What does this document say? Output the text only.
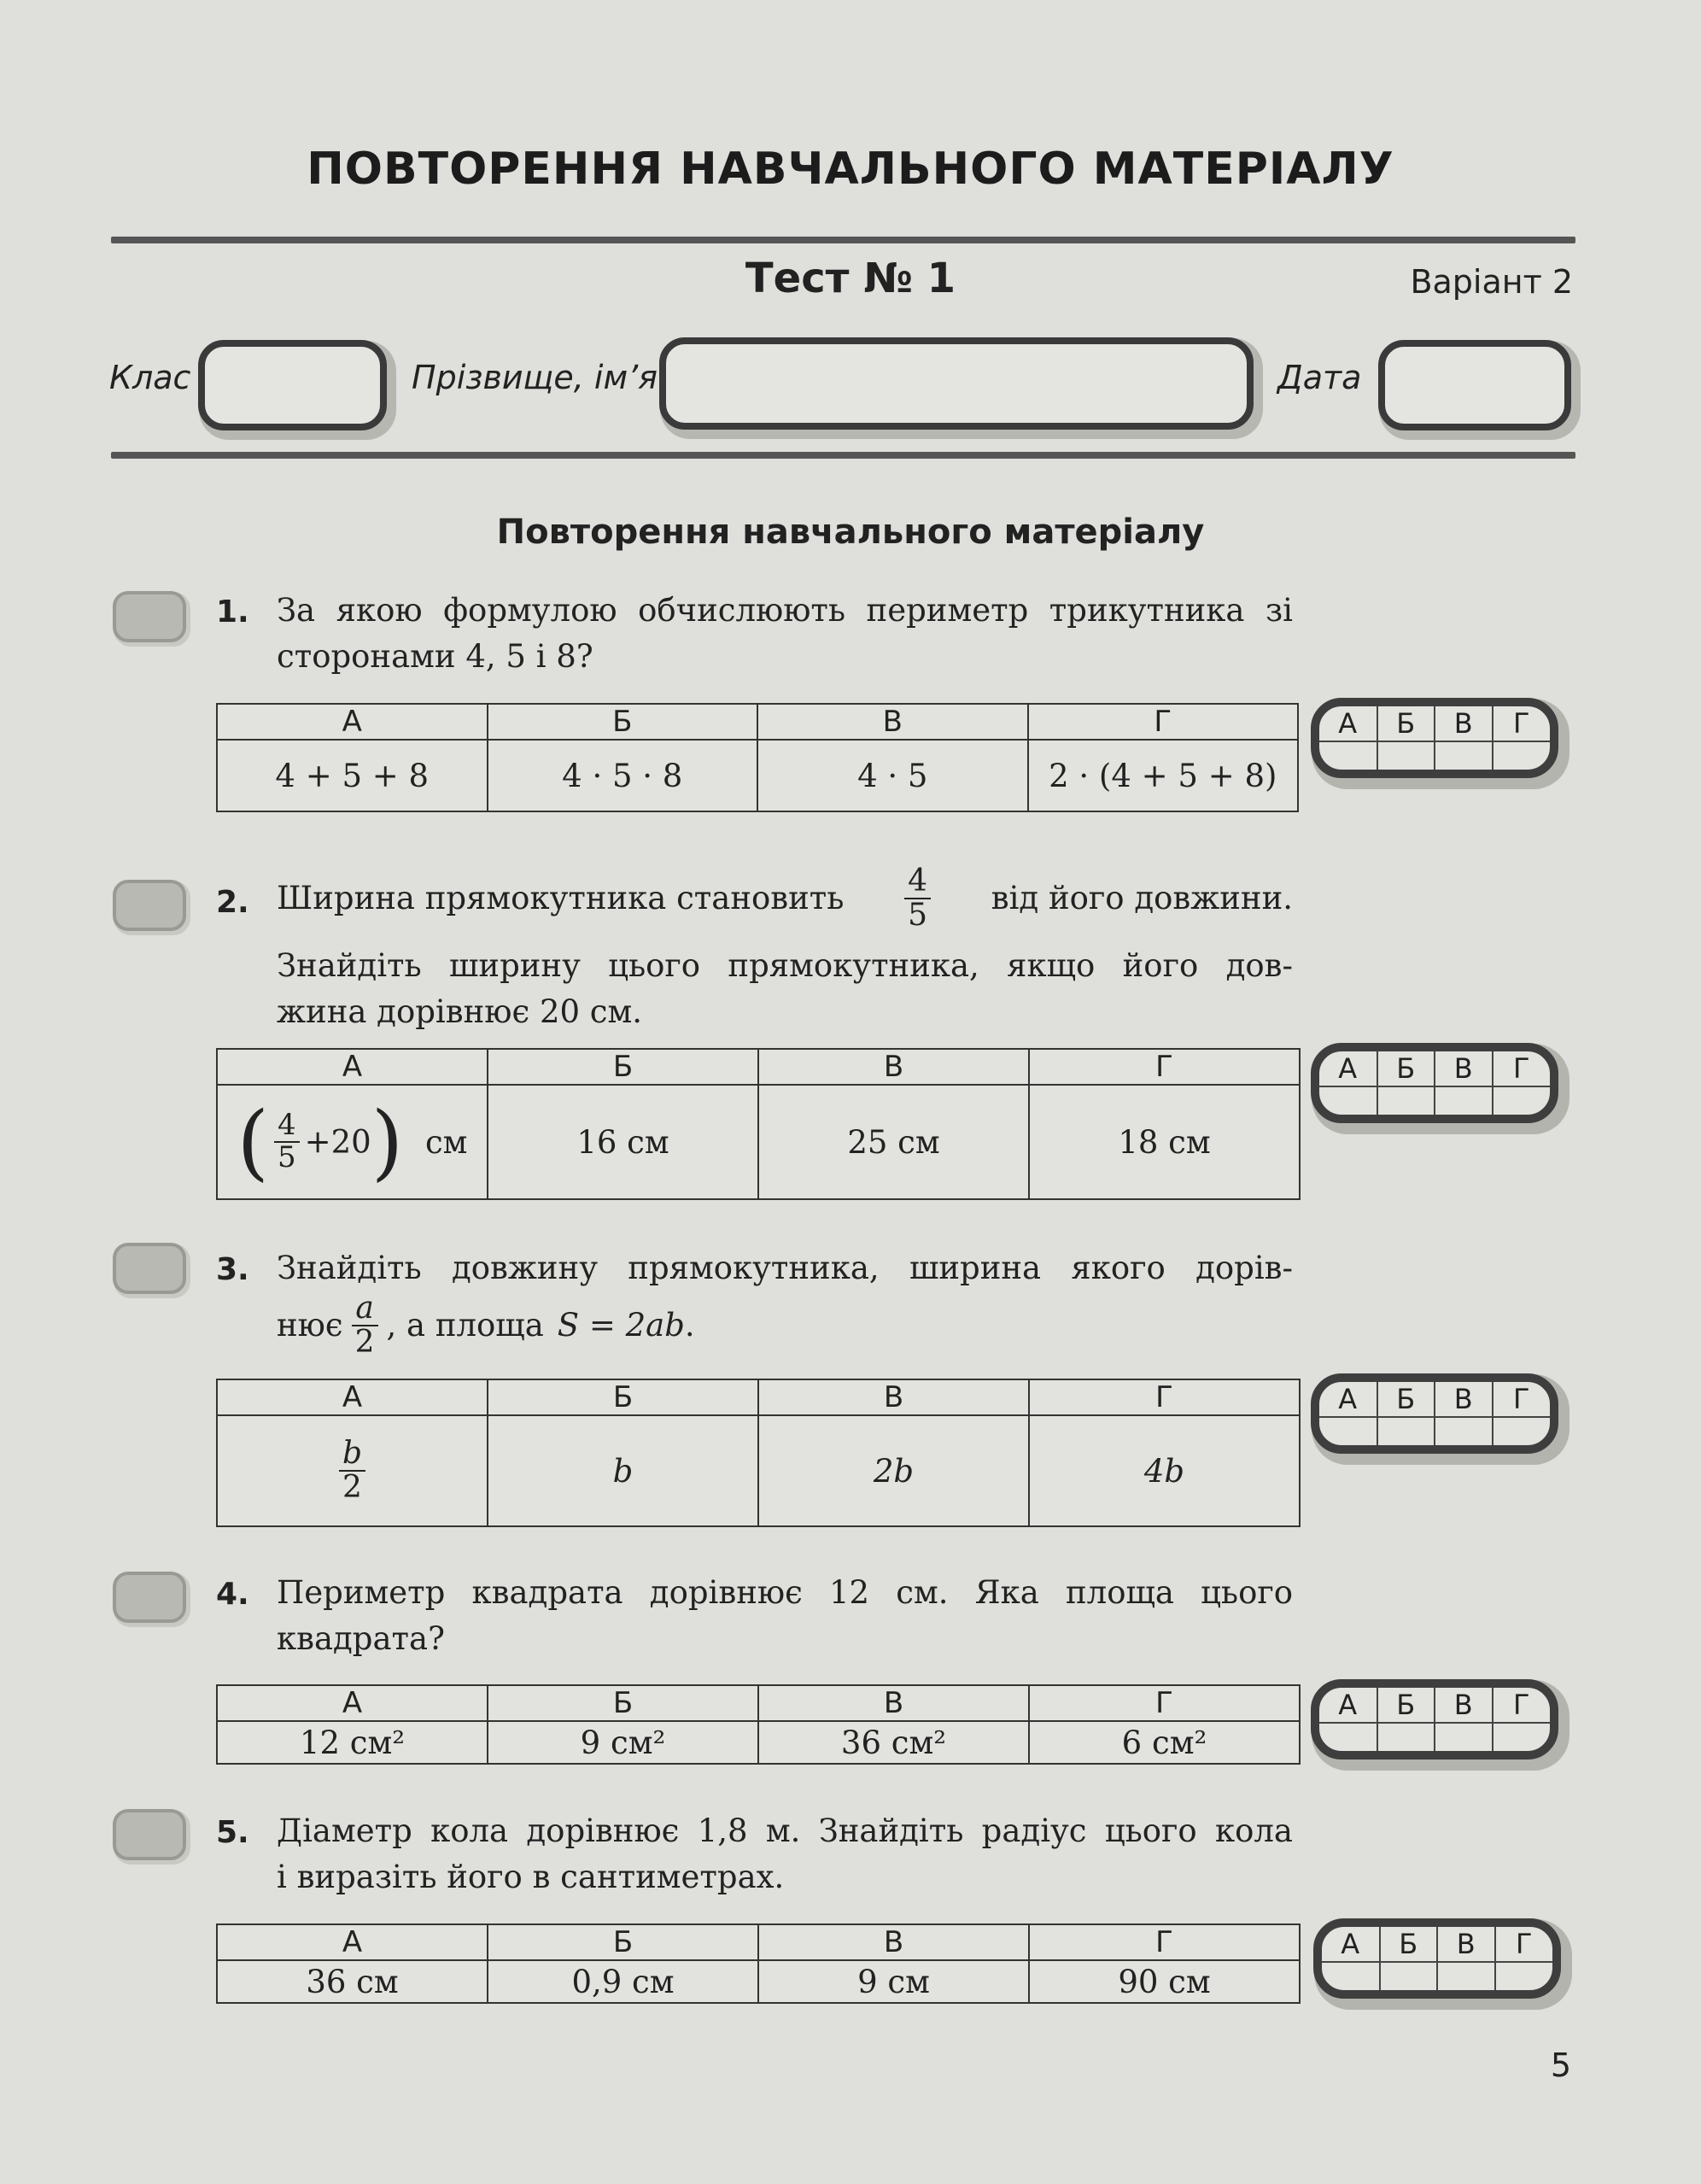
ПОВТОРЕННЯ НАВЧАЛЬНОГО МАТЕРІАЛУ
Тест № 1	Варіант 2
Клас	Прізвище, ім’я	Дата
Повторення навчального матеріалу
1. За якою формулою обчислюють периметр трикутника зі
сторонами 4, 5 і 8?
А	Б	В	Г
4 + 5 + 8	4 · 5 · 8	4 · 5	2 · (4 + 5 + 8)
А	Б	В	Г

2. Ширина прямокутника становить $\frac{4}{5}$ від його довжини.
Знайдіть ширину цього прямокутника, якщо його дов-
жина дорівнює 20 см.
А	Б	В	Г
( $\frac{4}{5} +20$) см	16 см	25 см	18 см
А	Б	В	Г

3. Знайдіть довжину прямокутника, ширина якого дорів-
нює $\frac{a}{2}$ , а площа S = 2ab .
А	Б	В	Г

$\frac{b}{2}$	b	2b	4b
А	Б	В	Г

4. Периметр квадрата дорівнює 12 см. Яка площа цього
квадрата?
А	Б	В	Г
12 см²	9 см²	36 см²	6 см²
А	Б	В	Г

5. Діаметр кола дорівнює 1,8 м. Знайдіть радіус цього кола
і виразіть його в сантиметрах.
А	Б	В	Г
36 см	0,9 см	9 см	90 см
А	Б	В	Г

5
